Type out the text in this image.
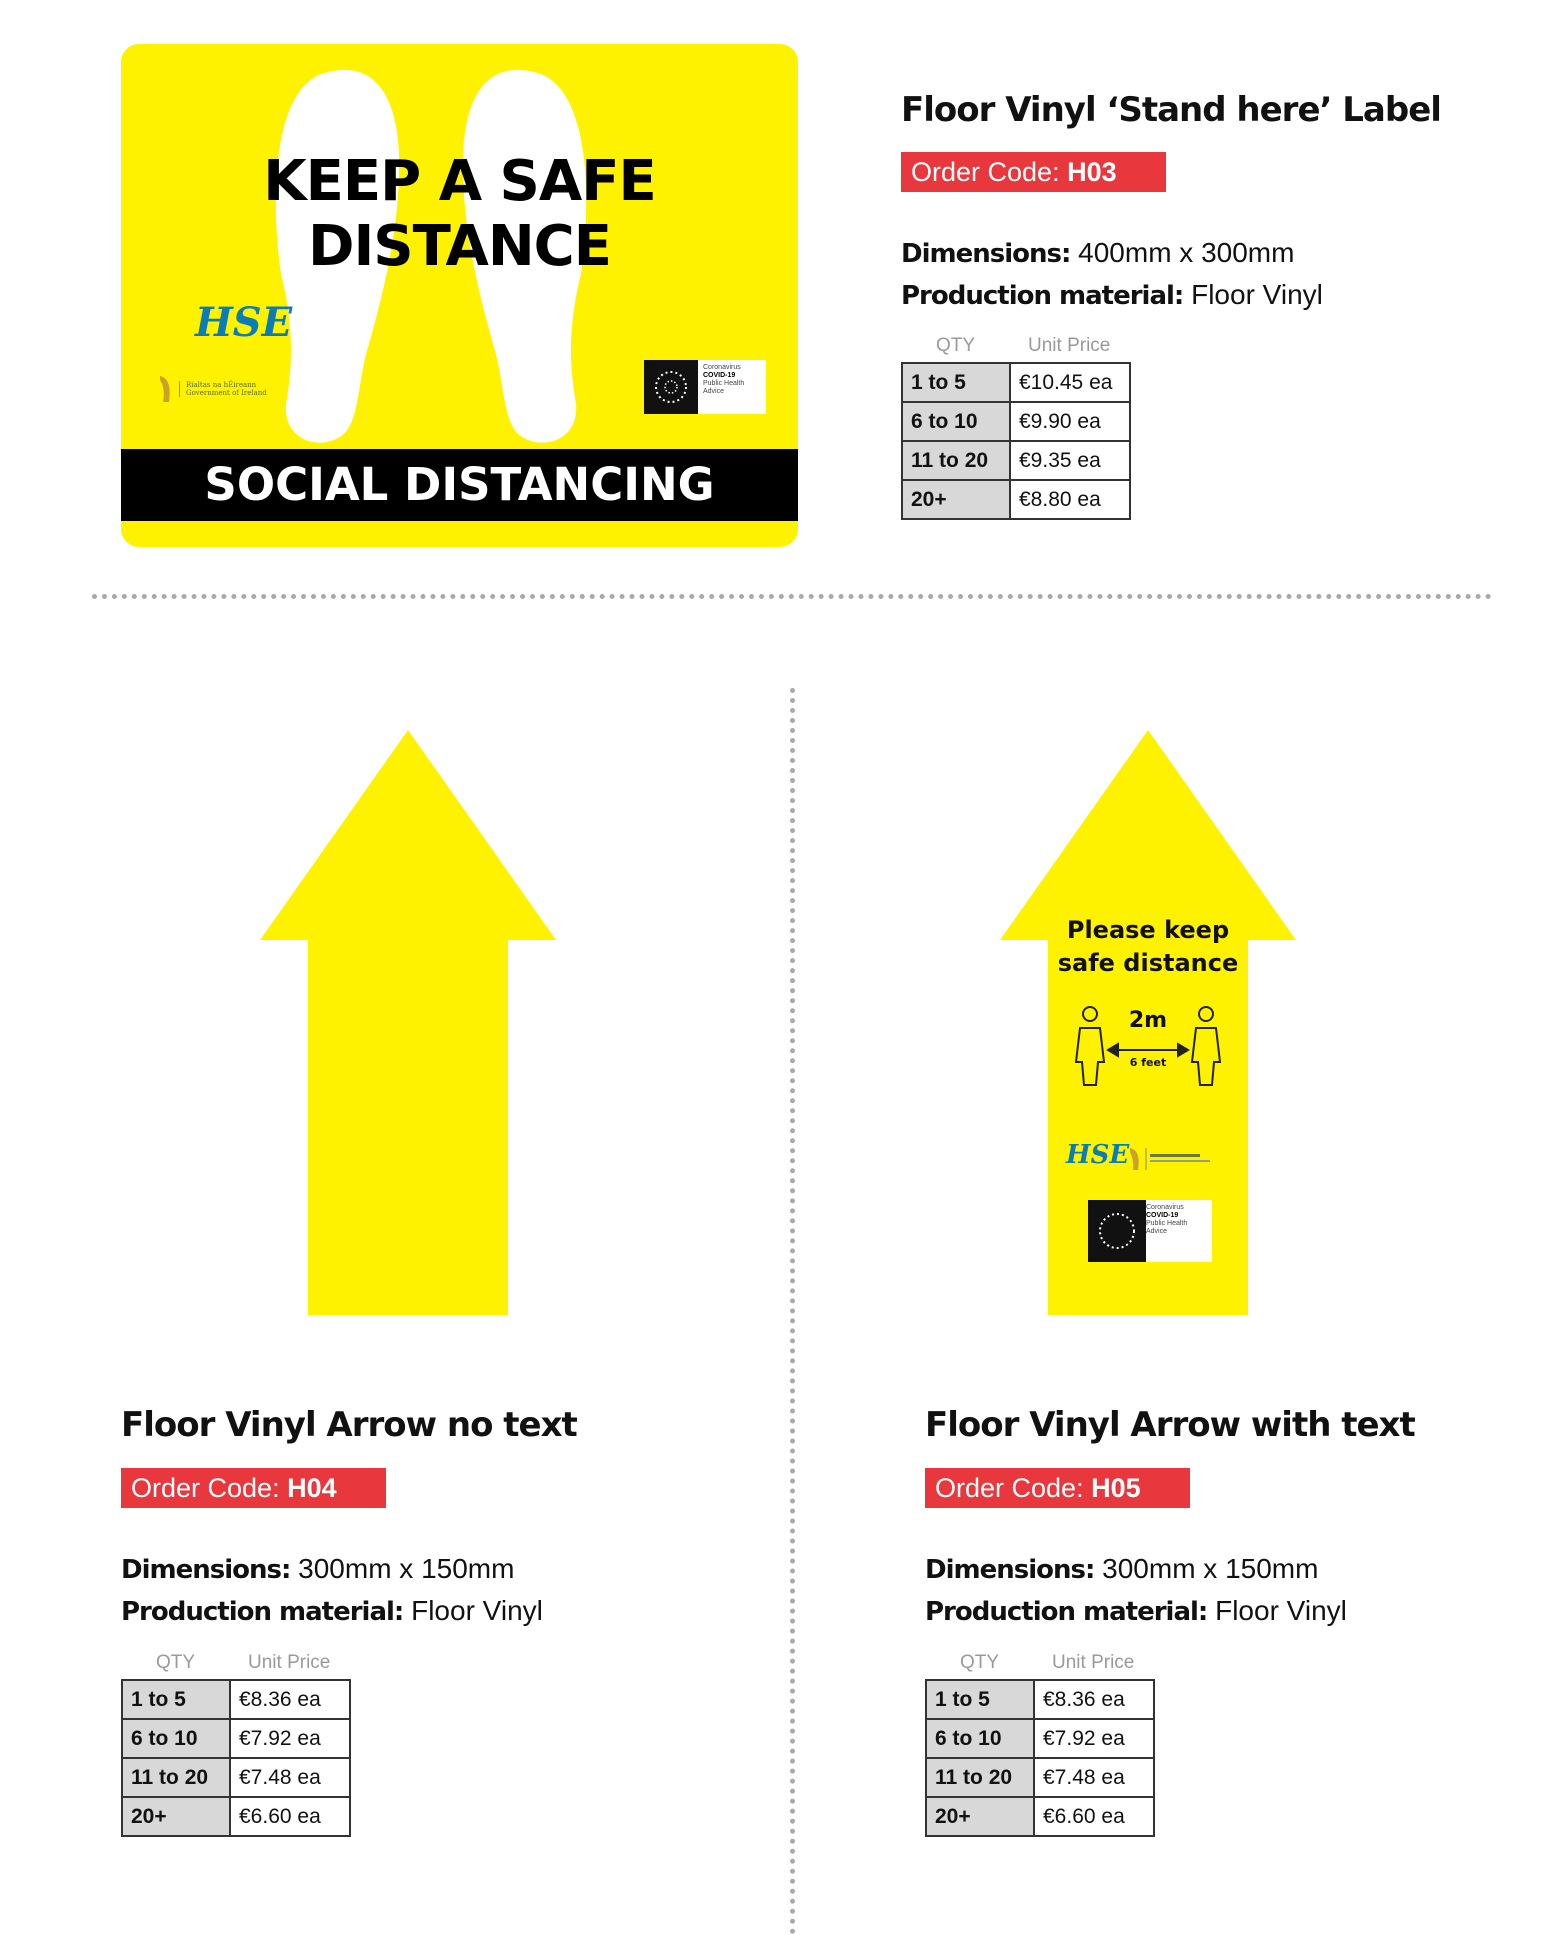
KEEP A SAFE DISTANCE
HSE
Rialtas na hÉireann
Government of Ireland
Coronavirus
COVID-19
Public Health
Advice
SOCIAL DISTANCING
Floor Vinyl ‘Stand here’ Label
Order Code: H03
Dimensions: 400mm x 300mm
Production material: Floor Vinyl
QTY	Unit Price
1 to 5	€10.45 ea
6 to 10	€9.90 ea
11 to 20	€9.35 ea
20+	€8.80 ea
Please keep
safe distance
2m
6 feet
HSE
Coronavirus
COVID-19
Public Health
Advice
Floor Vinyl Arrow no text
Order Code: H04
Dimensions: 300mm x 150mm
Production material: Floor Vinyl
QTY	Unit Price
1 to 5	€8.36 ea
6 to 10	€7.92 ea
11 to 20	€7.48 ea
20+	€6.60 ea
Floor Vinyl Arrow with text
Order Code: H05
Dimensions: 300mm x 150mm
Production material: Floor Vinyl
QTY	Unit Price
1 to 5	€8.36 ea
6 to 10	€7.92 ea
11 to 20	€7.48 ea
20+	€6.60 ea
